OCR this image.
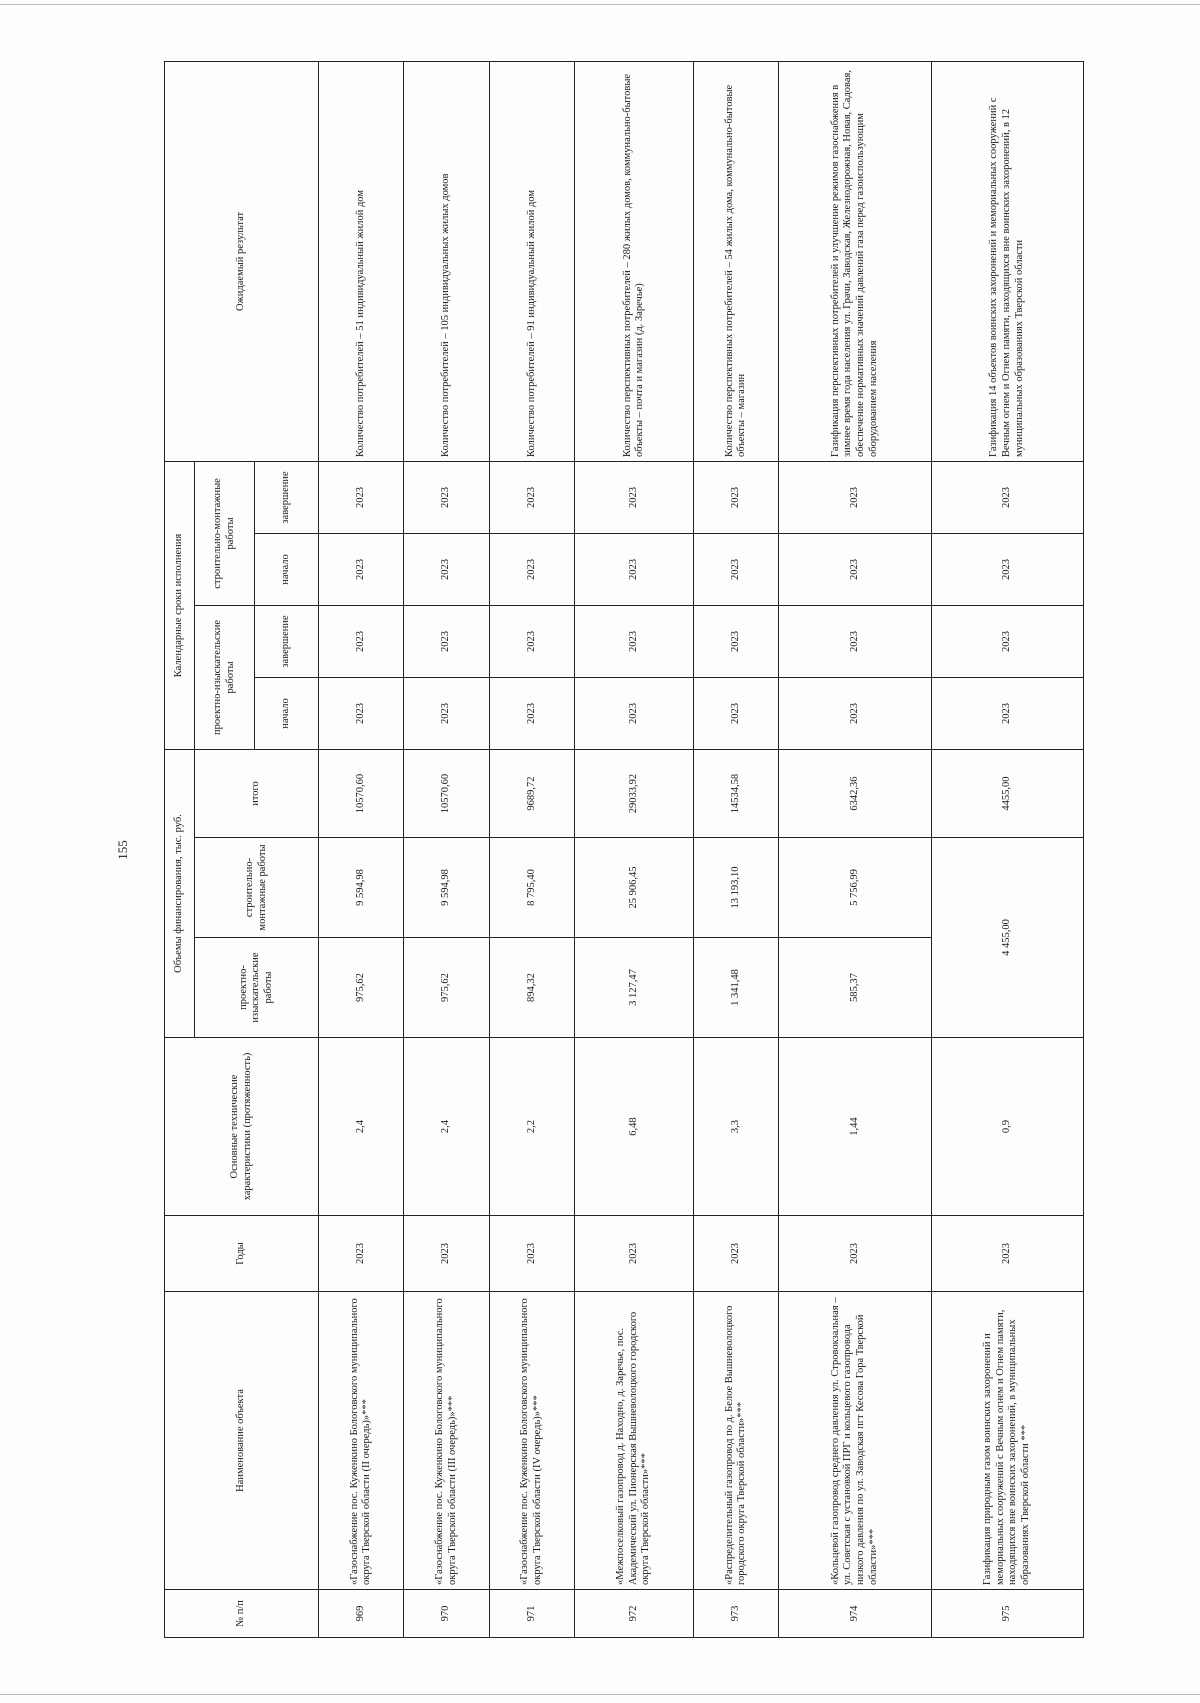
155
№ п/п	Наименование объекта	Годы	Основные технические характеристики (протяженность)	Объемы финансирования, тыс. руб.			Календарные сроки исполнения				Ожидаемый результат
				проектно-изыскательские работы	строительно-монтажные работы	итого	проектно-изыскательские работы		строительно-монтажные работы		
							начало	завершение	начало	завершение	
969	«Газоснабжение пос. Куженкино Бологовского муниципального округа Тверской области (II очередь)»***	2023	2,4	975,62	9 594,98	10570,60	2023	2023	2023	2023	Количество потребителей – 51 индивидуальный жилой дом
970	«Газоснабжение пос. Куженкино Бологовского муниципального округа Тверской области (III очередь)»***	2023	2,4	975,62	9 594,98	10570,60	2023	2023	2023	2023	Количество потребителей – 105 индивидуальных жилых домов
971	«Газоснабжение пос. Куженкино Бологовского муниципального округа Тверской области (IV очередь)»***	2023	2,2	894,32	8 795,40	9689,72	2023	2023	2023	2023	Количество потребителей – 91 индивидуальный жилой дом
972	«Межпоселковый газопровод д. Находно, д. Заречье, пос. Академический ул. Пионерская Вышневолоцкого городского округа Тверской области»***	2023	6,48	3 127,47	25 906,45	29033,92	2023	2023	2023	2023	Количество перспективных потребителей – 280 жилых домов, коммунально-бытовые объекты – почта и магазин (д. Заречье)
973	«Распределительный газопровод по д. Белое Вышневолоцкого городского округа Тверской области»***	2023	3,3	1 341,48	13 193,10	14534,58	2023	2023	2023	2023	Количество перспективных потребителей – 54 жилых дома, коммунально-бытовые объекты – магазин
974	«Кольцевой газопровод среднего давления ул. Стровокзальная – ул. Советская с установкой ПРГ и кольцевого газопровода низкого давления по ул. Заводская пгт Кесова Гора Тверской области»***	2023	1,44	585,37	5 756,99	6342,36	2023	2023	2023	2023	Газификация перспективных потребителей и улучшение режимов газоснабжения в зимнее время года населения ул. Грачи, Заводская, Железнодорожная, Новая, Садовая, обеспечение нормативных значений давлений газа перед газоиспользующим оборудованием населения
975	Газификация природным газом воинских захоронений и мемориальных сооружений с Вечным огнем и Огнем памяти, находящихся вне воинских захоронений, в муниципальных образованиях Тверской области ***	2023	0,9	4 455,00		4455,00	2023	2023	2023	2023	Газификация 14 объектов воинских захоронений и мемориальных сооружений с Вечным огнем и Огнем памяти, находящихся вне воинских захоронений, в 12 муниципальных образованиях Тверской области
